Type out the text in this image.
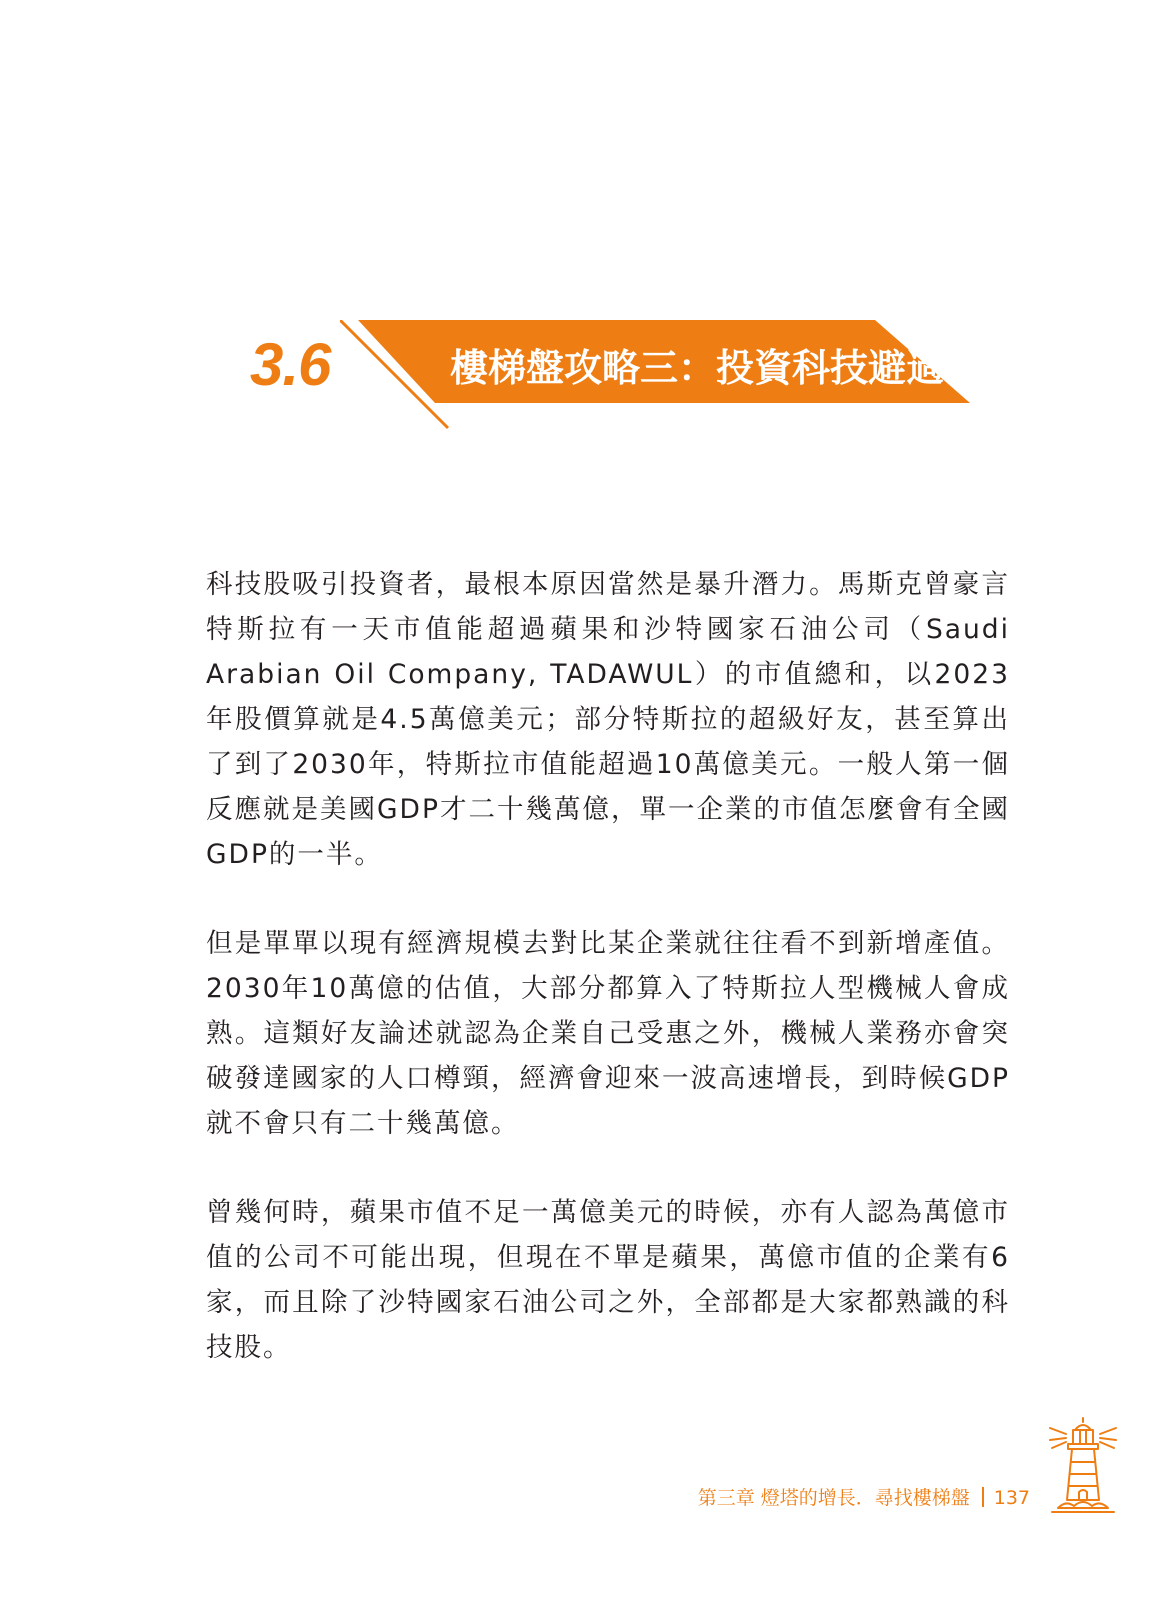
3.6	樓梯盤攻略三：投資科技避過德川效應

科技股吸引投資者，最根本原因當然是暴升潛力。馬斯克曾豪言特斯拉有一天市值能超過蘋果和沙特國家石油公司（Saudi Arabian Oil Company, TADAWUL）的市值總和，以2023年股價算就是4.5萬億美元；部分特斯拉的超級好友，甚至算出了到了2030年，特斯拉市值能超過10萬億美元。一般人第一個反應就是美國GDP才二十幾萬億，單一企業的市值怎麼會有全國GDP的一半。

但是單單以現有經濟規模去對比某企業就往往看不到新增產值。2030年10萬億的估值，大部分都算入了特斯拉人型機械人會成熟。這類好友論述就認為企業自己受惠之外，機械人業務亦會突破發達國家的人口樽頸，經濟會迎來一波高速增長，到時候GDP就不會只有二十幾萬億。

曾幾何時，蘋果市值不足一萬億美元的時候，亦有人認為萬億市值的公司不可能出現，但現在不單是蘋果，萬億市值的企業有6家，而且除了沙特國家石油公司之外，全部都是大家都熟識的科技股。

第三章 燈塔的增長．尋找樓梯盤 137
